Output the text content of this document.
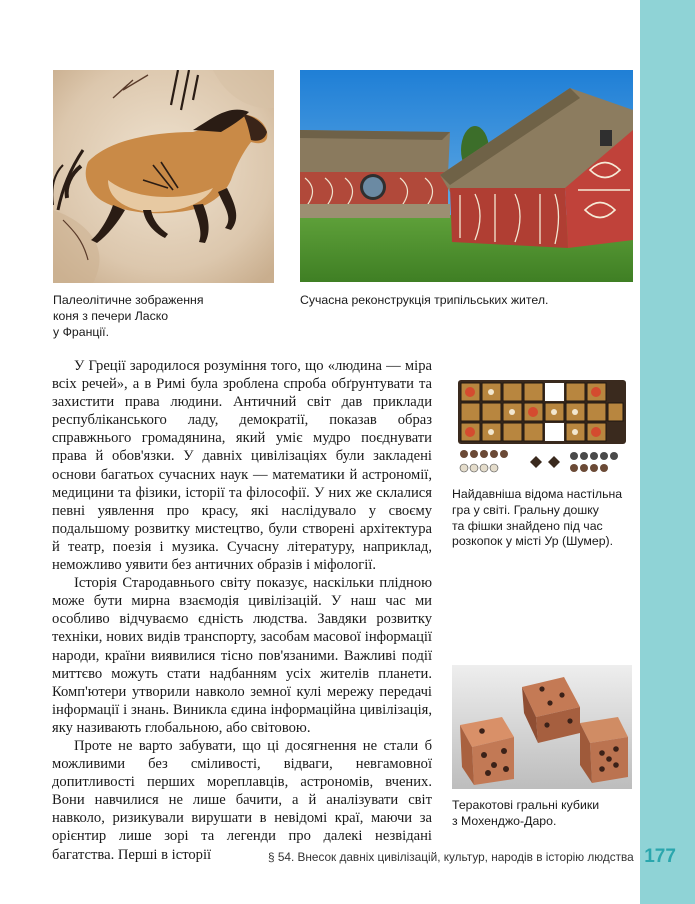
Палеолітичне зображення
коня з печери Ласко
у Франції.
Сучасна реконструкція трипільських жител.

У Греції зародилося розуміння того, що «людина — міра всіх речей», а в Римі була зроблена спроба обґрунтувати та захистити права людини. Античний світ дав приклади республіканського ладу, демократії, показав образ справжнього громадянина, який уміє мудро поєднувати права й обов'язки. У давніх цивілізаціях були закладені основи багатьох сучасних наук — математики й астрономії, медицини та фізики, історії та філософії. У них же склалися певні уявлення про красу, які наслідувало у своєму подальшому розвитку мистецтво, були створені архітектура й театр, поезія і музика. Сучасну літературу, наприклад, неможливо уявити без античних образів і міфології.

Історія Стародавнього світу показує, наскільки плідною може бути мирна взаємодія цивілізацій. У наш час ми особливо відчуваємо єдність людства. Завдяки розвитку техніки, нових видів транспорту, засобам масової інформації народи, країни виявилися тісно пов'язаними. Важливі події миттєво можуть стати надбанням усіх жителів планети. Комп'ютери утворили навколо земної кулі мережу передачі інформації і знань. Виникла єдина інформаційна цивілізація, яку називають глобальною, або світовою.

Проте не варто забувати, що ці досягнення не стали б можливими без сміливості, відваги, невгамовної допитливості перших мореплавців, астрономів, вчених. Вони навчилися не лише бачити, а й аналізувати світ навколо, ризикували вирушати в невідомі краї, маючи за орієнтир лише зорі та легенди про далекі незвідані багатства. Перші в історії

Найдавніша відома настільна
гра у світі. Гральну дошку
та фішки знайдено під час
розкопок у місті Ур (Шумер).
Теракотові гральні кубики
з Мохенджо-Даро.
§ 54. Внесок давніх цивілізацій, культур, народів в історію людства 177
